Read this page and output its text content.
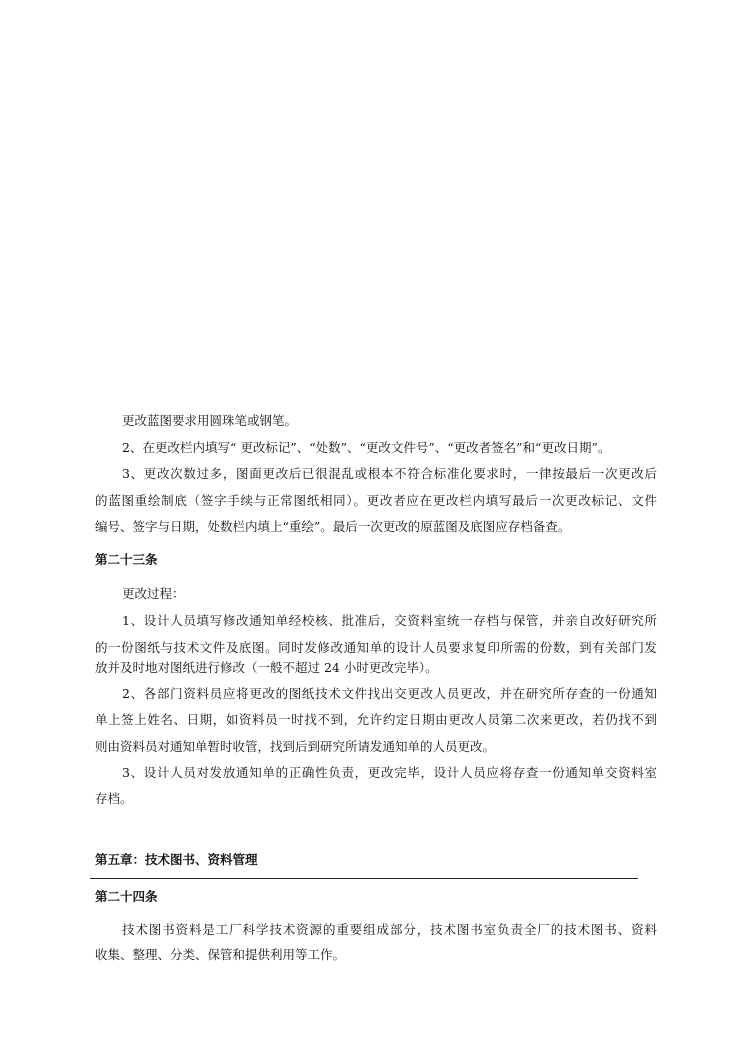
更改蓝图要求用圆珠笔或钢笔。
2、在更改栏内填写“ 更改标记”、“处数”、“更改文件号”、“更改者签名”和“更改日期”。
3、更改次数过多，图面更改后已很混乱或根本不符合标准化要求时，一律按最后一次更改后
的蓝图重绘制底（签字手续与正常图纸相同）。更改者应在更改栏内填写最后一次更改标记、文件
编号、签字与日期，处数栏内填上“重绘”。最后一次更改的原蓝图及底图应存档备查。
第二十三条
更改过程：
1、设计人员填写修改通知单经校核、批准后，交资料室统一存档与保管，并亲自改好研究所
的一份图纸与技术文件及底图。同时发修改通知单的设计人员要求复印所需的份数，到有关部门发
放并及时地对图纸进行修改（一般不超过 24 小时更改完毕）。
2、各部门资料员应将更改的图纸技术文件找出交更改人员更改，并在研究所存查的一份通知
单上签上姓名、日期，如资料员一时找不到，允许约定日期由更改人员第二次来更改，若仍找不到
则由资料员对通知单暂时收管，找到后到研究所请发通知单的人员更改。
3、设计人员对发放通知单的正确性负责，更改完毕，设计人员应将存查一份通知单交资料室
存档。
第五章：技术图书、资料管理
第二十四条
技术图书资料是工厂科学技术资源的重要组成部分，技术图书室负责全厂的技术图书、资料
收集、整理、分类、保管和提供利用等工作。
